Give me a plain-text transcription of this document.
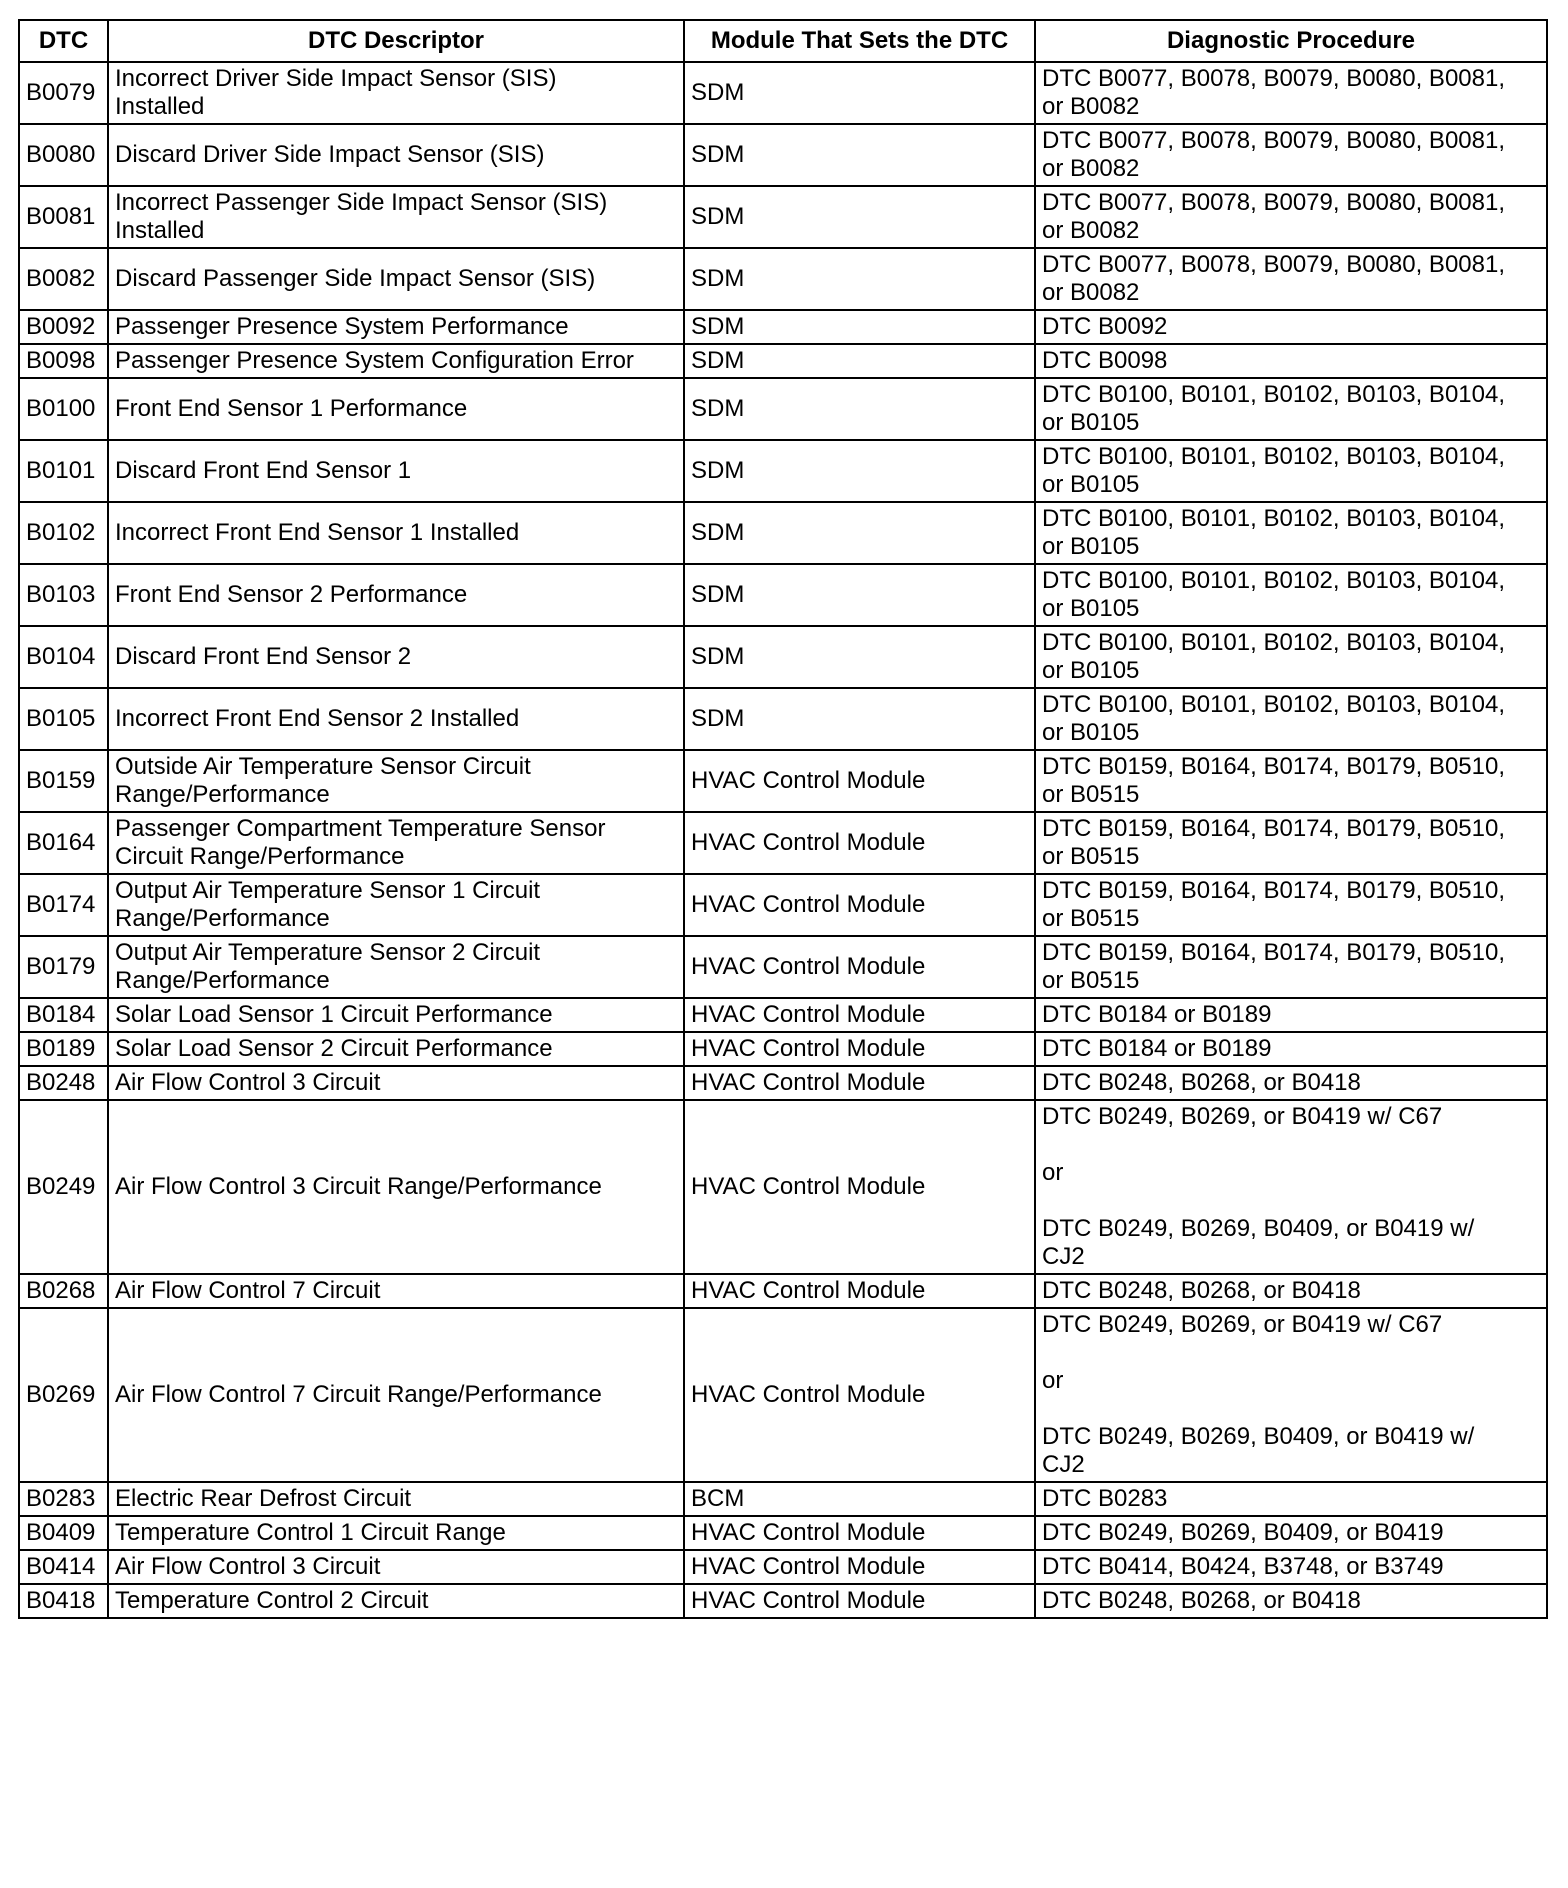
DTC	DTC Descriptor	Module That Sets the DTC	Diagnostic Procedure
B0079	Incorrect Driver Side Impact Sensor (SIS)
Installed	SDM	DTC B0077, B0078, B0079, B0080, B0081,
or B0082
B0080	Discard Driver Side Impact Sensor (SIS)	SDM	DTC B0077, B0078, B0079, B0080, B0081,
or B0082
B0081	Incorrect Passenger Side Impact Sensor (SIS)
Installed	SDM	DTC B0077, B0078, B0079, B0080, B0081,
or B0082
B0082	Discard Passenger Side Impact Sensor (SIS)	SDM	DTC B0077, B0078, B0079, B0080, B0081,
or B0082
B0092	Passenger Presence System Performance	SDM	DTC B0092
B0098	Passenger Presence System Configuration Error	SDM	DTC B0098
B0100	Front End Sensor 1 Performance	SDM	DTC B0100, B0101, B0102, B0103, B0104,
or B0105
B0101	Discard Front End Sensor 1	SDM	DTC B0100, B0101, B0102, B0103, B0104,
or B0105
B0102	Incorrect Front End Sensor 1 Installed	SDM	DTC B0100, B0101, B0102, B0103, B0104,
or B0105
B0103	Front End Sensor 2 Performance	SDM	DTC B0100, B0101, B0102, B0103, B0104,
or B0105
B0104	Discard Front End Sensor 2	SDM	DTC B0100, B0101, B0102, B0103, B0104,
or B0105
B0105	Incorrect Front End Sensor 2 Installed	SDM	DTC B0100, B0101, B0102, B0103, B0104,
or B0105
B0159	Outside Air Temperature Sensor Circuit
Range/Performance	HVAC Control Module	DTC B0159, B0164, B0174, B0179, B0510,
or B0515
B0164	Passenger Compartment Temperature Sensor
Circuit Range/Performance	HVAC Control Module	DTC B0159, B0164, B0174, B0179, B0510,
or B0515
B0174	Output Air Temperature Sensor 1 Circuit
Range/Performance	HVAC Control Module	DTC B0159, B0164, B0174, B0179, B0510,
or B0515
B0179	Output Air Temperature Sensor 2 Circuit
Range/Performance	HVAC Control Module	DTC B0159, B0164, B0174, B0179, B0510,
or B0515
B0184	Solar Load Sensor 1 Circuit Performance	HVAC Control Module	DTC B0184 or B0189
B0189	Solar Load Sensor 2 Circuit Performance	HVAC Control Module	DTC B0184 or B0189
B0248	Air Flow Control 3 Circuit	HVAC Control Module	DTC B0248, B0268, or B0418
B0249	Air Flow Control 3 Circuit Range/Performance	HVAC Control Module	DTC B0249, B0269, or B0419 w/ C67

or

DTC B0249, B0269, B0409, or B0419 w/
CJ2
B0268	Air Flow Control 7 Circuit	HVAC Control Module	DTC B0248, B0268, or B0418
B0269	Air Flow Control 7 Circuit Range/Performance	HVAC Control Module	DTC B0249, B0269, or B0419 w/ C67

or

DTC B0249, B0269, B0409, or B0419 w/
CJ2
B0283	Electric Rear Defrost Circuit	BCM	DTC B0283
B0409	Temperature Control 1 Circuit Range	HVAC Control Module	DTC B0249, B0269, B0409, or B0419
B0414	Air Flow Control 3 Circuit	HVAC Control Module	DTC B0414, B0424, B3748, or B3749
B0418	Temperature Control 2 Circuit	HVAC Control Module	DTC B0248, B0268, or B0418
